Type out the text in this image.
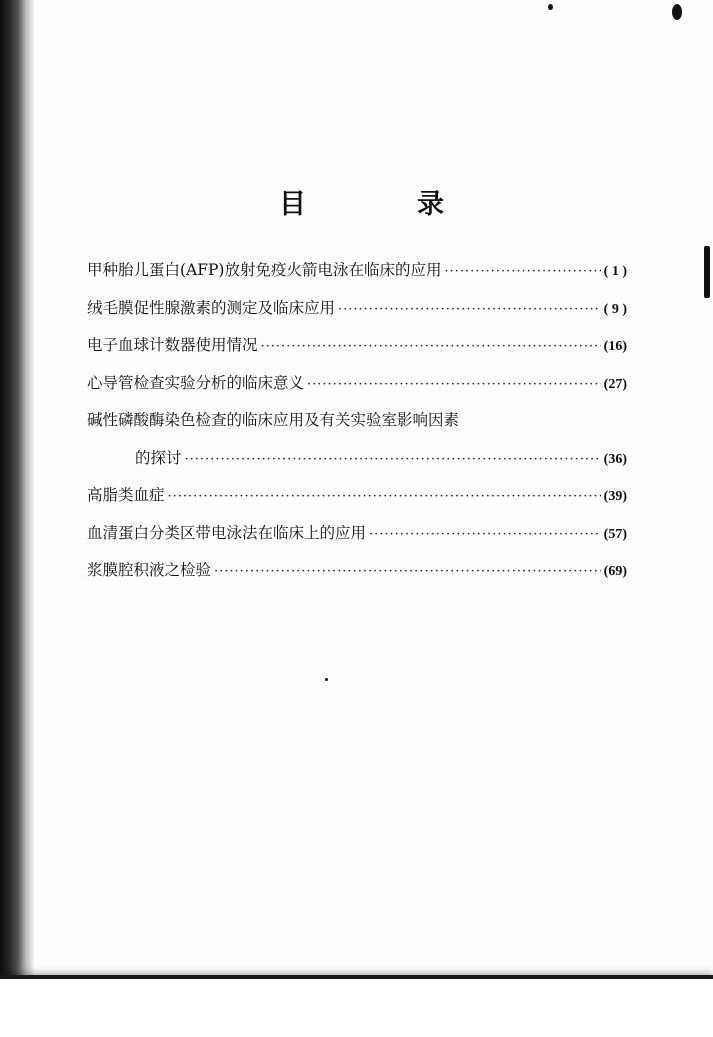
目　录
甲种胎儿蛋白(AFP)放射免疫火箭电泳在临床的应用 ·····	( 1 )
绒毛膜促性腺激素的测定及临床应用 ·····	( 9 )
电子血球计数器使用情况 ·····	(16)
心导管检查实验分析的临床意义 ·····	(27)
碱性磷酸酶染色检查的临床应用及有关实验室影响因素
的探讨 ·····	(36)
高脂类血症 ·····	(39)
血清蛋白分类区带电泳法在临床上的应用 ·····	(57)
浆膜腔积液之检验 ·····	(69)
